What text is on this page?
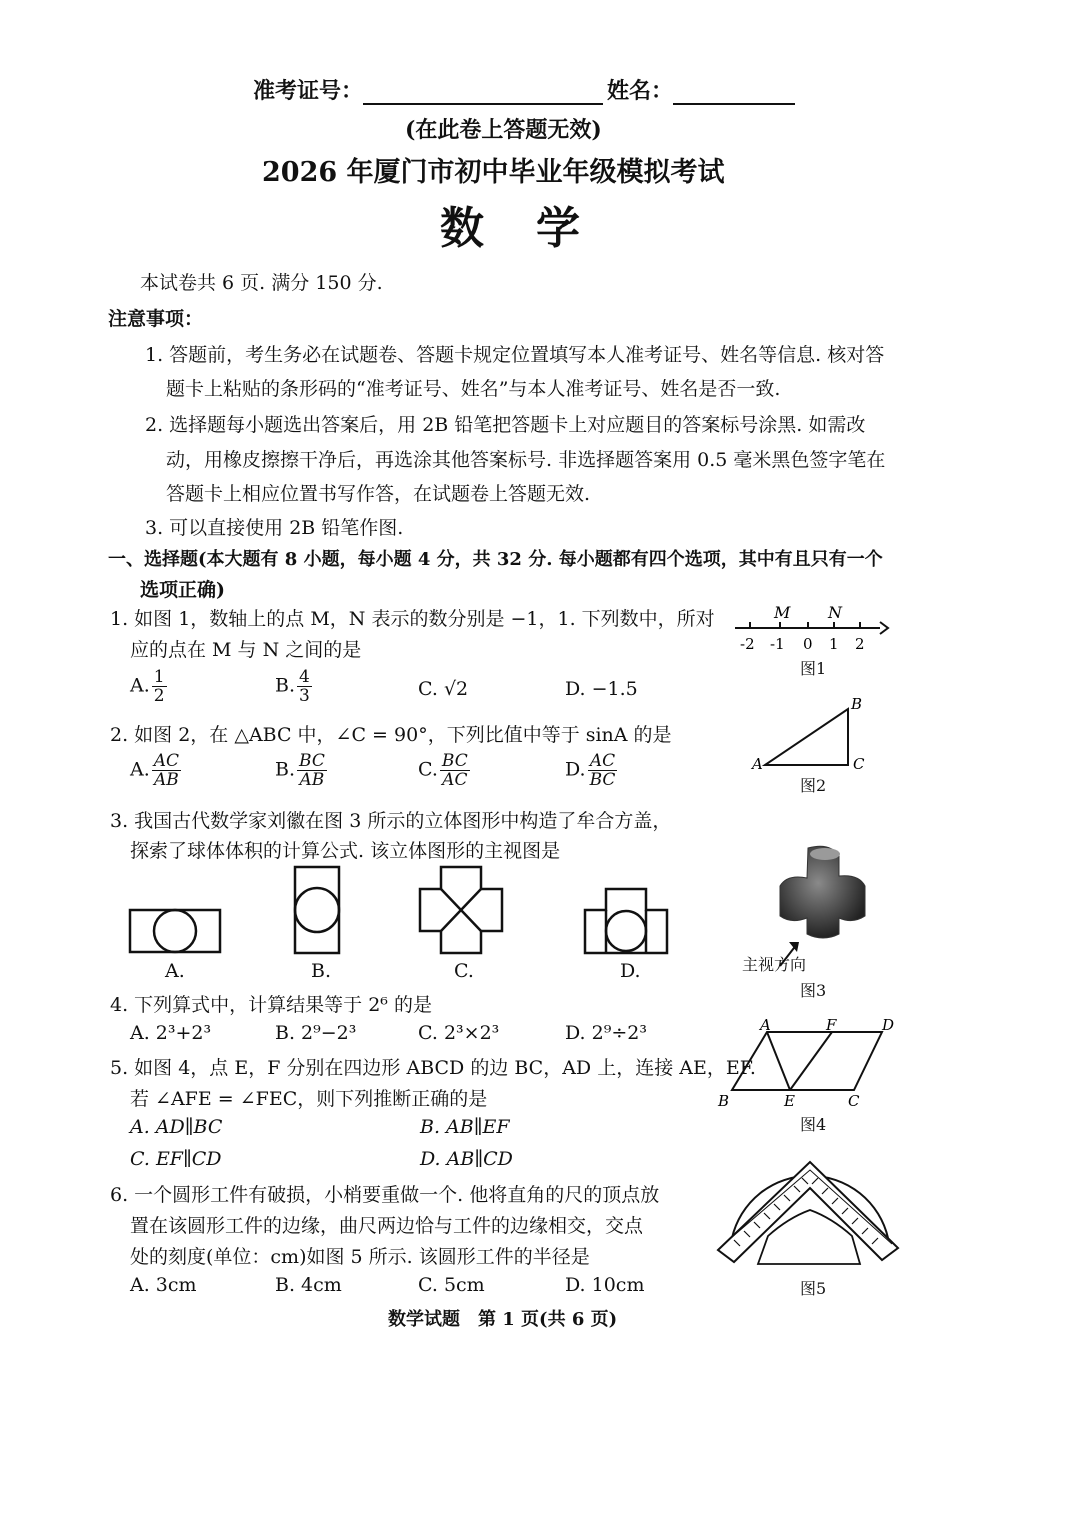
准考证号：	姓名：
(在此卷上答题无效)
2026 年厦门市初中毕业年级模拟考试
数　学
本试卷共 6 页. 满分 150 分.
注意事项：
1. 答题前，考生务必在试题卷、答题卡规定位置填写本人准考证号、姓名等信息. 核对答
题卡上粘贴的条形码的“准考证号、姓名”与本人准考证号、姓名是否一致.
2. 选择题每小题选出答案后，用 2B 铅笔把答题卡上对应题目的答案标号涂黑. 如需改
动，用橡皮擦擦干净后，再选涂其他答案标号. 非选择题答案用 0.5 毫米黑色签字笔在
答题卡上相应位置书写作答，在试题卷上答题无效.
3. 可以直接使用 2B 铅笔作图.
一、选择题(本大题有 8 小题，每小题 4 分，共 32 分. 每小题都有四个选项，其中有且只有一个
选项正确)
1. 如图 1，数轴上的点 M，N 表示的数分别是 −1，1. 下列数中，所对
应的点在 M 与 N 之间的是
A. $\frac{1}{2}$	B. $\frac{4}{3}$	C. √2	D. −1.5
2. 如图 2，在 △ABC 中，∠C = 90°，下列比值中等于 sinA 的是
A. $\frac{AC}{AB}$	B. $\frac{BC}{AB}$	C. $\frac{BC}{AC}$	D. $\frac{AC}{BC}$
3. 我国古代数学家刘徽在图 3 所示的立体图形中构造了牟合方盖，
探索了球体体积的计算公式. 该立体图形的主视图是
A.	B.	C.	D.
4. 下列算式中，计算结果等于 2⁶ 的是
A. 2³+2³	B. 2⁹−2³	C. 2³×2³	D. 2⁹÷2³
5. 如图 4，点 E，F 分别在四边形 ABCD 的边 BC，AD 上，连接 AE，EF.
若 ∠AFE = ∠FEC，则下列推断正确的是
A. AD∥BC	B. AB∥EF
C. EF∥CD	D. AB∥CD
6. 一个圆形工件有破损，小梢要重做一个. 他将直角的尺的顶点放
置在该圆形工件的边缘，曲尺两边恰与工件的边缘相交，交点
处的刻度(单位：cm)如图 5 所示. 该圆形工件的半径是
A. 3cm	B. 4cm	C. 5cm	D. 10cm
M N
-2 -1 0 1 2
图1
A
B
C
图2
主视方向
图3
A	F	D
B	E	C
图4
图5
数学试题　第 1 页(共 6 页)
